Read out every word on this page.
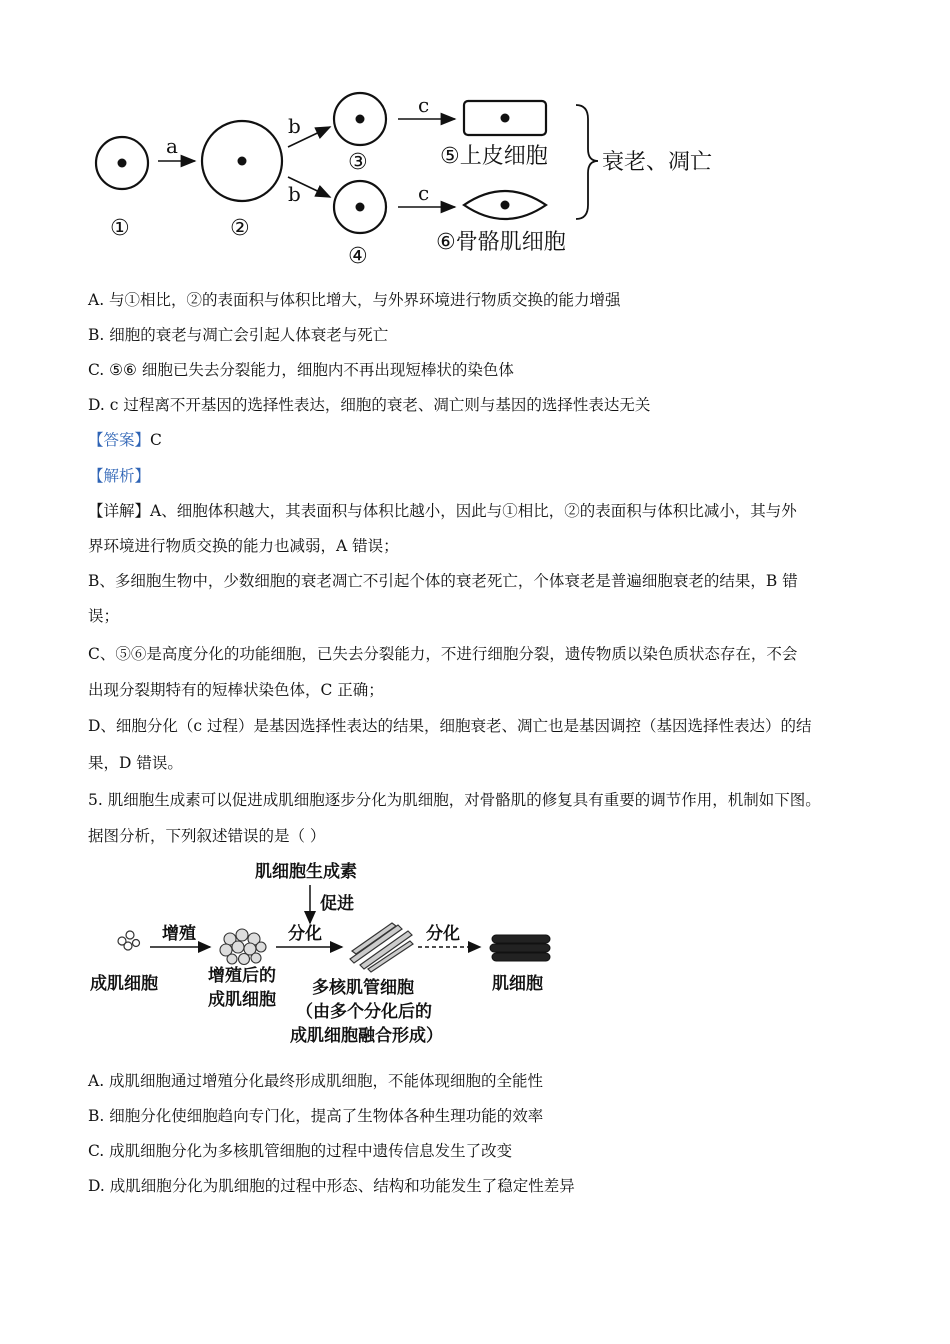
①
a
②
b
b
③
④
c
c
⑤上皮细胞
⑥骨骼肌细胞
衰老、凋亡
A. 与①相比，②的表面积与体积比增大，与外界环境进行物质交换的能力增强
B. 细胞的衰老与凋亡会引起人体衰老与死亡
C. ⑤⑥ 细胞已失去分裂能力，细胞内不再出现短棒状的染色体
D. c 过程离不开基因的选择性表达，细胞的衰老、凋亡则与基因的选择性表达无关
【答案】C
【解析】
【详解】A、细胞体积越大，其表面积与体积比越小，因此与①相比，②的表面积与体积比减小，其与外
界环境进行物质交换的能力也减弱，A 错误；
B、多细胞生物中，少数细胞的衰老凋亡不引起个体的衰老死亡，个体衰老是普遍细胞衰老的结果，B 错
误；
C、⑤⑥是高度分化的功能细胞，已失去分裂能力，不进行细胞分裂，遗传物质以染色质状态存在，不会
出现分裂期特有的短棒状染色体，C 正确；
D、细胞分化（c 过程）是基因选择性表达的结果，细胞衰老、凋亡也是基因调控（基因选择性表达）的结
果，D 错误。
5. 肌细胞生成素可以促进成肌细胞逐步分化为肌细胞，对骨骼肌的修复具有重要的调节作用，机制如下图。
据图分析，下列叙述错误的是（ ）
肌细胞生成素
促进
成肌细胞
增殖
增殖后的
成肌细胞
分化
多核肌管细胞
（由多个分化后的
成肌细胞融合形成）
分化
肌细胞
A. 成肌细胞通过增殖分化最终形成肌细胞，不能体现细胞的全能性
B. 细胞分化使细胞趋向专门化，提高了生物体各种生理功能的效率
C. 成肌细胞分化为多核肌管细胞的过程中遗传信息发生了改变
D. 成肌细胞分化为肌细胞的过程中形态、结构和功能发生了稳定性差异
